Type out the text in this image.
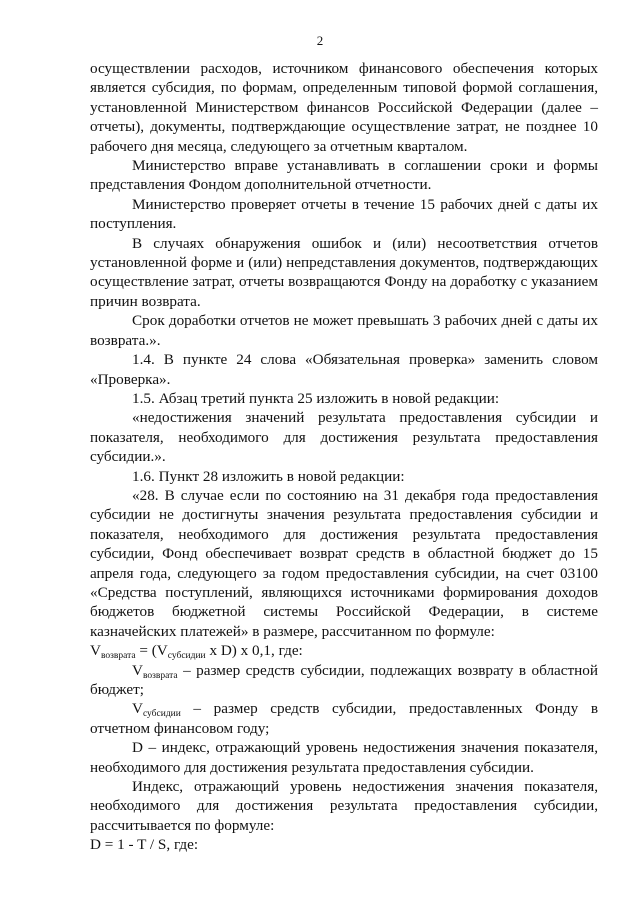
2

осуществлении расходов, источником финансового обеспечения которых является субсидия, по формам, определенным типовой формой соглашения, установленной Министерством финансов Российской Федерации (далее – отчеты), документы, подтверждающие осуществление затрат, не позднее 10 рабочего дня месяца, следующего за отчетным кварталом.

Министерство вправе устанавливать в соглашении сроки и формы представления Фондом дополнительной отчетности.

Министерство проверяет отчеты в течение 15 рабочих дней с даты их поступления.

В случаях обнаружения ошибок и (или) несоответствия отчетов установленной форме и (или) непредставления документов, подтверждающих осуществление затрат, отчеты возвращаются Фонду на доработку с указанием причин возврата.

Срок доработки отчетов не может превышать 3 рабочих дней с даты их возврата.».

1.4. В пункте 24 слова «Обязательная проверка» заменить словом «Проверка».

1.5. Абзац третий пункта 25 изложить в новой редакции:

«недостижения значений результата предоставления субсидии и показателя, необходимого для достижения результата предоставления субсидии.».

1.6. Пункт 28 изложить в новой редакции:

«28. В случае если по состоянию на 31 декабря года предоставления субсидии не достигнуты значения результата предоставления субсидии и показателя, необходимого для достижения результата предоставления субсидии, Фонд обеспечивает возврат средств в областной бюджет до 15 апреля года, следующего за годом предоставления субсидии, на счет 03100 «Средства поступлений, являющихся источниками формирования доходов бюджетов бюджетной системы Российской Федерации, в системе казначейских платежей» в размере, рассчитанном по формуле:

$V_{возврата} = (V_{субсидии}$ x D) x 0,1, где:

$V_{возврата}$ – размер средств субсидии, подлежащих возврату в областной бюджет;

$V_{субсидии}$ – размер средств субсидии, предоставленных Фонду в отчетном финансовом году;

D – индекс, отражающий уровень недостижения значения показателя, необходимого для достижения результата предоставления субсидии.

Индекс, отражающий уровень недостижения значения показателя, необходимого для достижения результата предоставления субсидии, рассчитывается по формуле:

D = 1 - T / S, где:
